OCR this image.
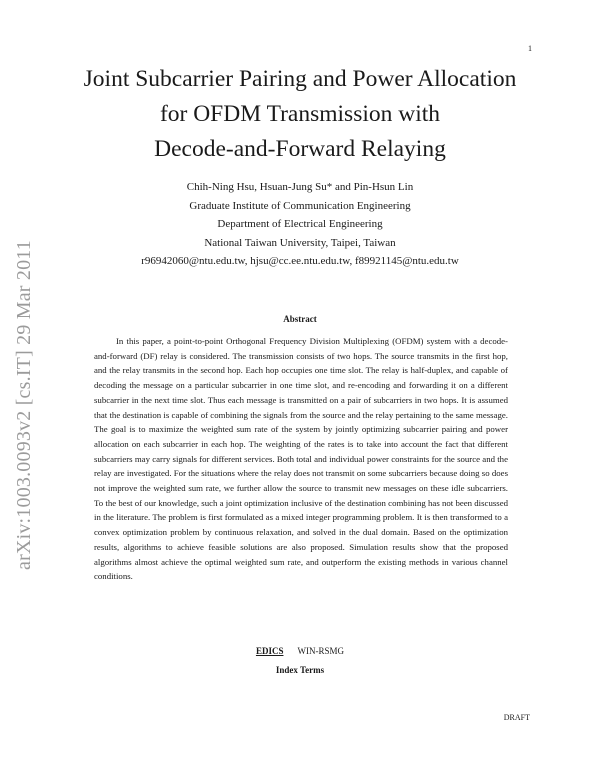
1
arXiv:1003.0093v2 [cs.IT] 29 Mar 2011
Joint Subcarrier Pairing and Power Allocation
for OFDM Transmission with
Decode-and-Forward Relaying
Chih-Ning Hsu, Hsuan-Jung Su* and Pin-Hsun Lin
Graduate Institute of Communication Engineering
Department of Electrical Engineering
National Taiwan University, Taipei, Taiwan
r96942060@ntu.edu.tw, hjsu@cc.ee.ntu.edu.tw, f89921145@ntu.edu.tw
Abstract

In this paper, a point-to-point Orthogonal Frequency Division Multiplexing (OFDM) system with a decode-and-forward (DF) relay is considered. The transmission consists of two hops. The source transmits in the first hop, and the relay transmits in the second hop. Each hop occupies one time slot. The relay is half-duplex, and capable of decoding the message on a particular subcarrier in one time slot, and re-encoding and forwarding it on a different subcarrier in the next time slot. Thus each message is transmitted on a pair of subcarriers in two hops. It is assumed that the destination is capable of combining the signals from the source and the relay pertaining to the same message. The goal is to maximize the weighted sum rate of the system by jointly optimizing subcarrier pairing and power allocation on each subcarrier in each hop. The weighting of the rates is to take into account the fact that different subcarriers may carry signals for different services. Both total and individual power constraints for the source and the relay are investigated. For the situations where the relay does not transmit on some subcarriers because doing so does not improve the weighted sum rate, we further allow the source to transmit new messages on these idle subcarriers. To the best of our knowledge, such a joint optimization inclusive of the destination combining has not been discussed in the literature. The problem is first formulated as a mixed integer programming problem. It is then transformed to a convex optimization problem by continuous relaxation, and solved in the dual domain. Based on the optimization results, algorithms to achieve feasible solutions are also proposed. Simulation results show that the proposed algorithms almost achieve the optimal weighted sum rate, and outperform the existing methods in various channel conditions.

EDICS WIN-RSMG
Index Terms
DRAFT
